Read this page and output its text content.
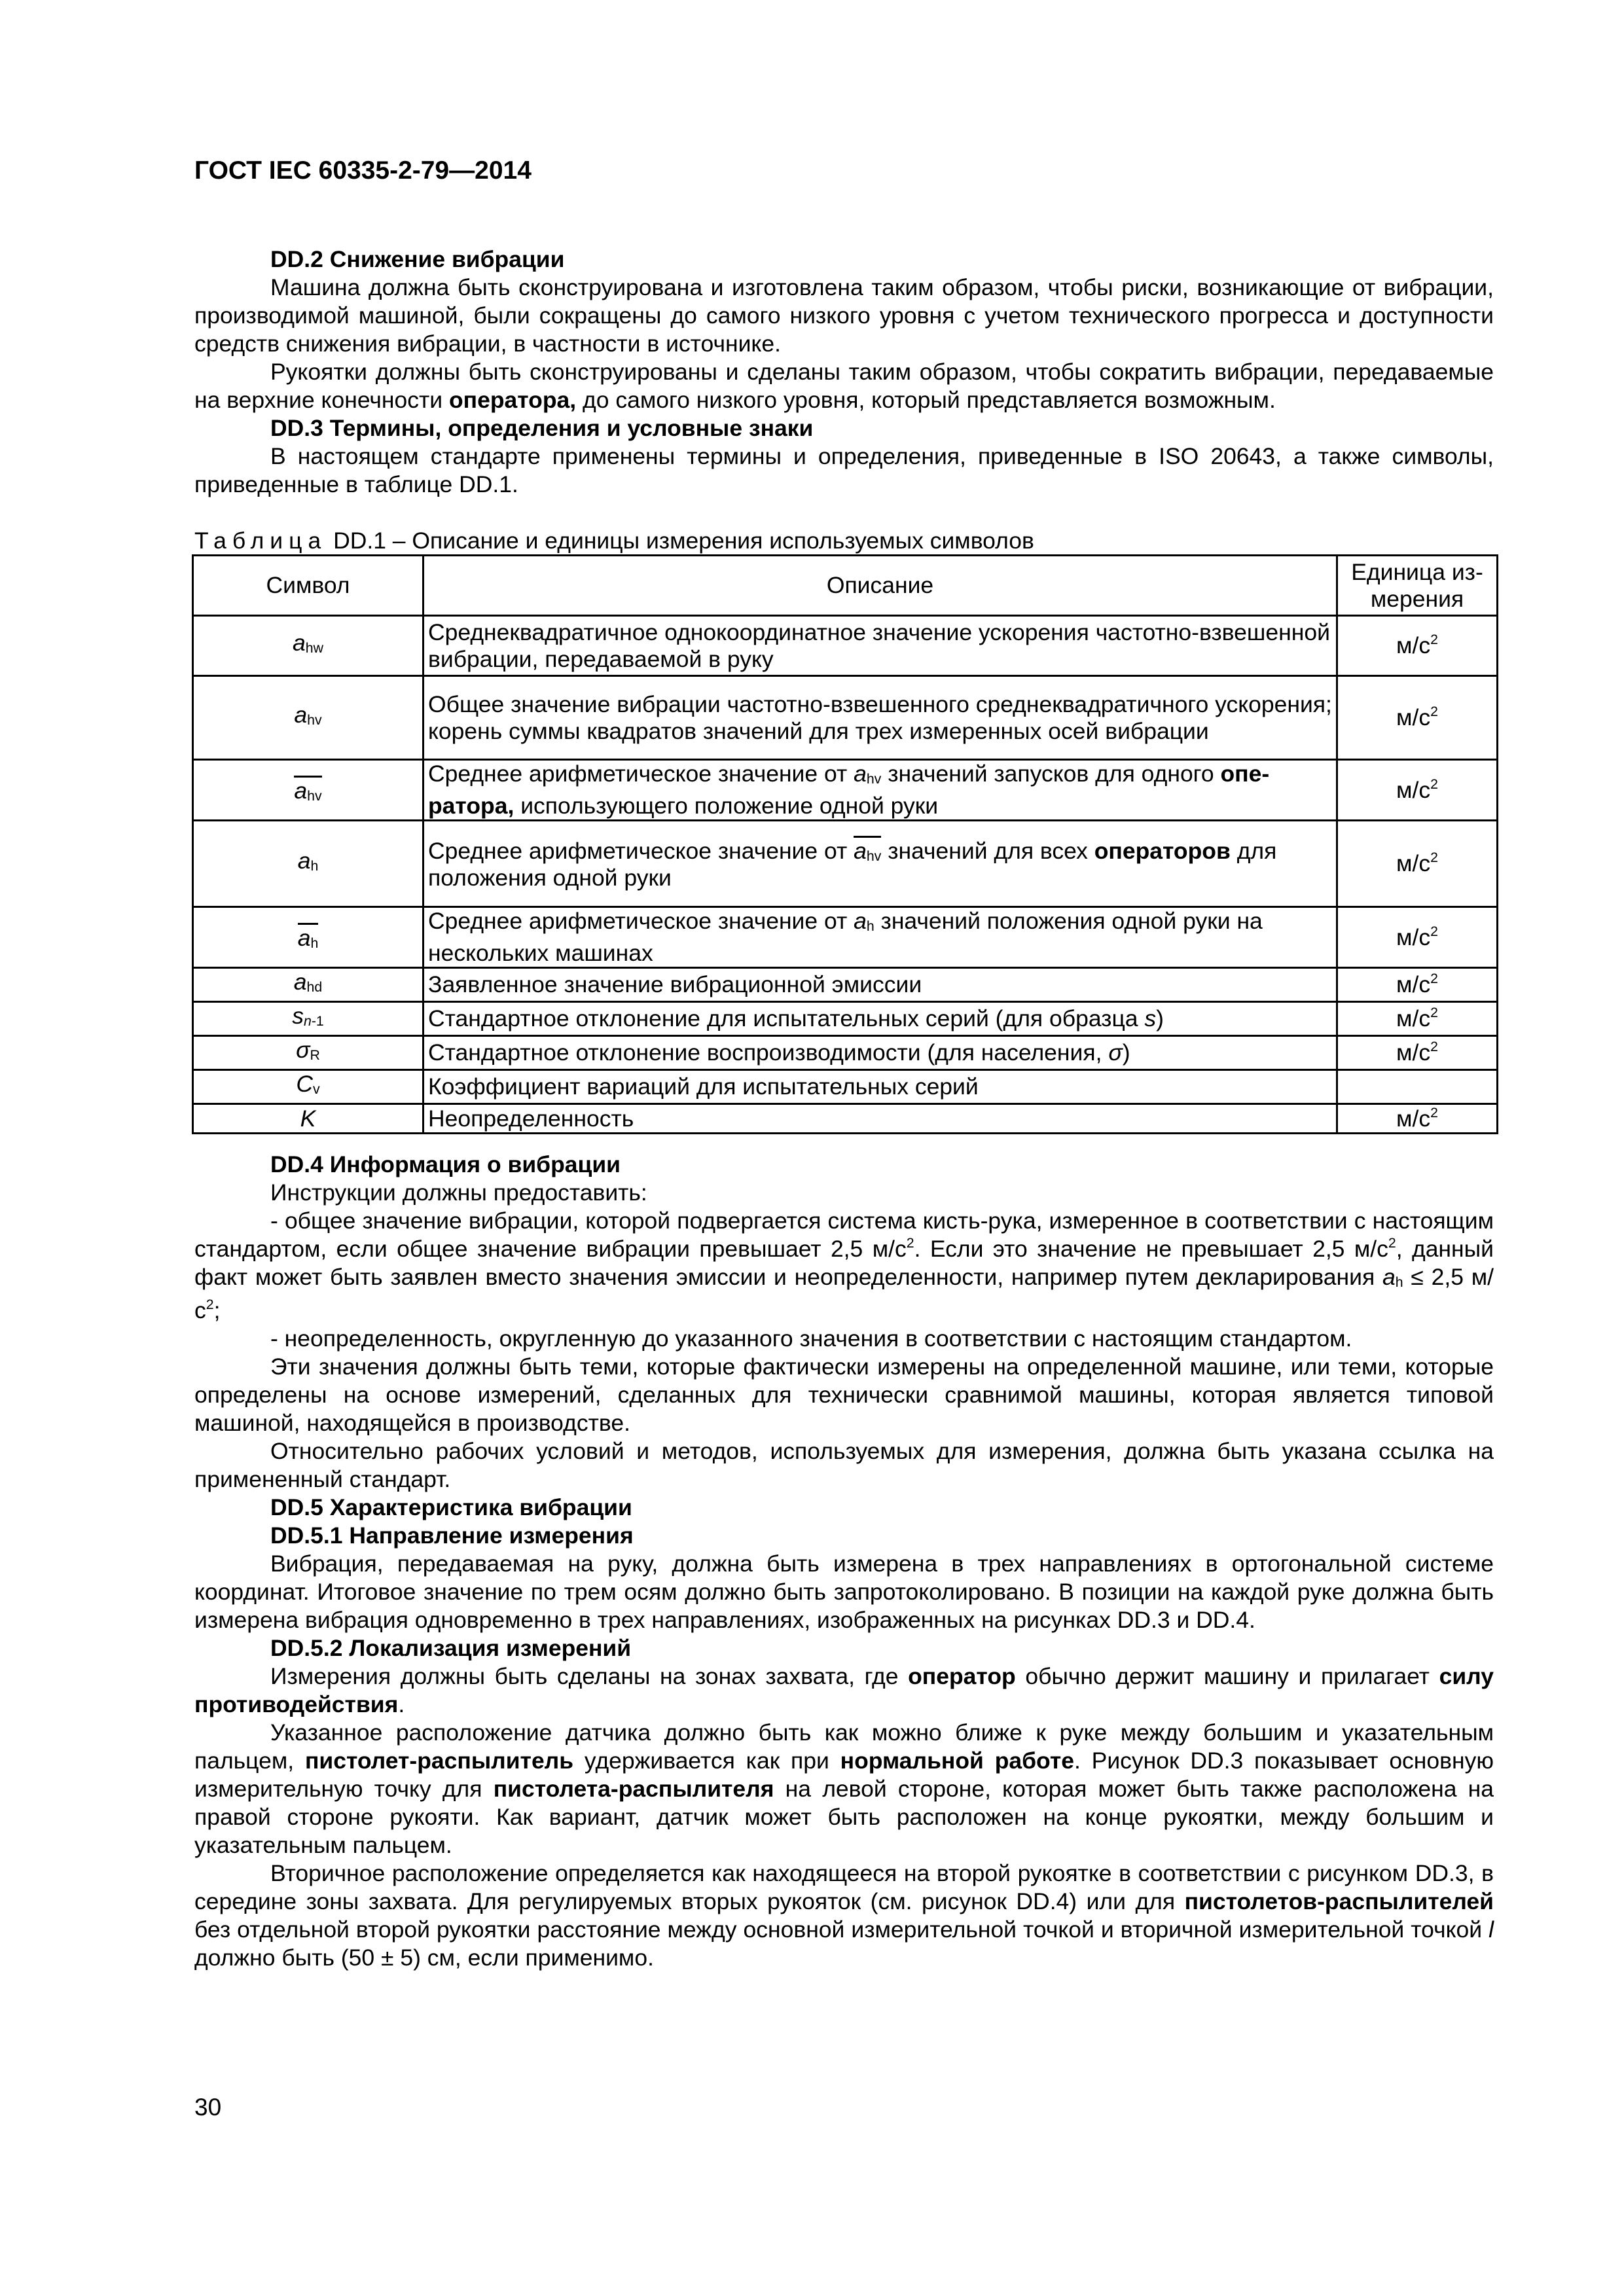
ГОСТ IEC 60335-2-79—2014
DD.2 Снижение вибрации

Машина должна быть сконструирована и изготовлена таким образом, чтобы риски, возникающие от вибрации, производимой машиной, были сокращены до самого низкого уровня с учетом технического прогресса и доступности средств снижения вибрации, в частности в источнике.

Рукоятки должны быть сконструированы и сделаны таким образом, чтобы сократить вибрации, передаваемые на верхние конечности оператора, до самого низкого уровня, который представляется возможным.

DD.3 Термины, определения и условные знаки

В настоящем стандарте применены термины и определения, приведенные в ISO 20643, а также символы, приведенные в таблице DD.1.

Таблица DD.1 – Описание и единицы измерения используемых символов

Символ	Описание	Единица измерения
$a_{hw}$	Среднеквадратичное однокоординатное значение ускорения частотно-взвешенной вибрации, передаваемой в руку	$м/с^2$
$a_{hv}$	Общее значение вибрации частотно-взвешенного среднеквадратичного ускорения; корень суммы квадратов значений для трех измеренных осей вибрации	$м/с^2$
$a_{hv}$	Среднее арифметическое значение от $a_{hv}$ значений запусков для одного оператора, использующего положение одной руки	$м/с^2$
$a_h$	Среднее арифметическое значение от $a_{hv}$ значений для всех операторов для положения одной руки	$м/с^2$
$a_h$	Среднее арифметическое значение от $a_h$ значений положения одной руки на нескольких машинах	$м/с^2$
$a_{hd}$	Заявленное значение вибрационной эмиссии	$м/с^2$
$s_{n-1}$	Стандартное отклонение для испытательных серий (для образца s)	$м/с^2$
$\sigma_R$	Стандартное отклонение воспроизводимости (для населения, σ)	$м/с^2$
$C_v$	Коэффициент вариаций для испытательных серий	
K	Неопределенность	$м/с^2$
DD.4 Информация о вибрации

Инструкции должны предоставить:

- общее значение вибрации, которой подвергается система кисть-рука, измеренное в соответствии с настоящим стандартом, если общее значение вибрации превышает 2,5 $м/с^2$. Если это значение не превышает 2,5 $м/с^2$, данный факт может быть заявлен вместо значения эмиссии и неопределенности, например путем декларирования $a_h \le 2,5$ $м/с^2$;

- неопределенность, округленную до указанного значения в соответствии с настоящим стандартом.

Эти значения должны быть теми, которые фактически измерены на определенной машине, или теми, которые определены на основе измерений, сделанных для технически сравнимой машины, которая является типовой машиной, находящейся в производстве.

Относительно рабочих условий и методов, используемых для измерения, должна быть указана ссылка на примененный стандарт.

DD.5 Характеристика вибрации
DD.5.1 Направление измерения

Вибрация, передаваемая на руку, должна быть измерена в трех направлениях в ортогональной системе координат. Итоговое значение по трем осям должно быть запротоколировано. В позиции на каждой руке должна быть измерена вибрация одновременно в трех направлениях, изображенных на рисунках DD.3 и DD.4.

DD.5.2 Локализация измерений

Измерения должны быть сделаны на зонах захвата, где оператор обычно держит машину и прилагает силу противодействия.

Указанное расположение датчика должно быть как можно ближе к руке между большим и указательным пальцем, пистолет-распылитель удерживается как при нормальной работе. Рисунок DD.3 показывает основную измерительную точку для пистолета-распылителя на левой стороне, которая может быть также расположена на правой стороне рукояти. Как вариант, датчик может быть расположен на конце рукоятки, между большим и указательным пальцем.

Вторичное расположение определяется как находящееся на второй рукоятке в соответствии с рисунком DD.3, в середине зоны захвата. Для регулируемых вторых рукояток (см. рисунок DD.4) или для пистолетов-распылителей без отдельной второй рукоятки расстояние между основной измерительной точкой и вторичной измерительной точкой l должно быть (50 ± 5) см, если применимо.

30
